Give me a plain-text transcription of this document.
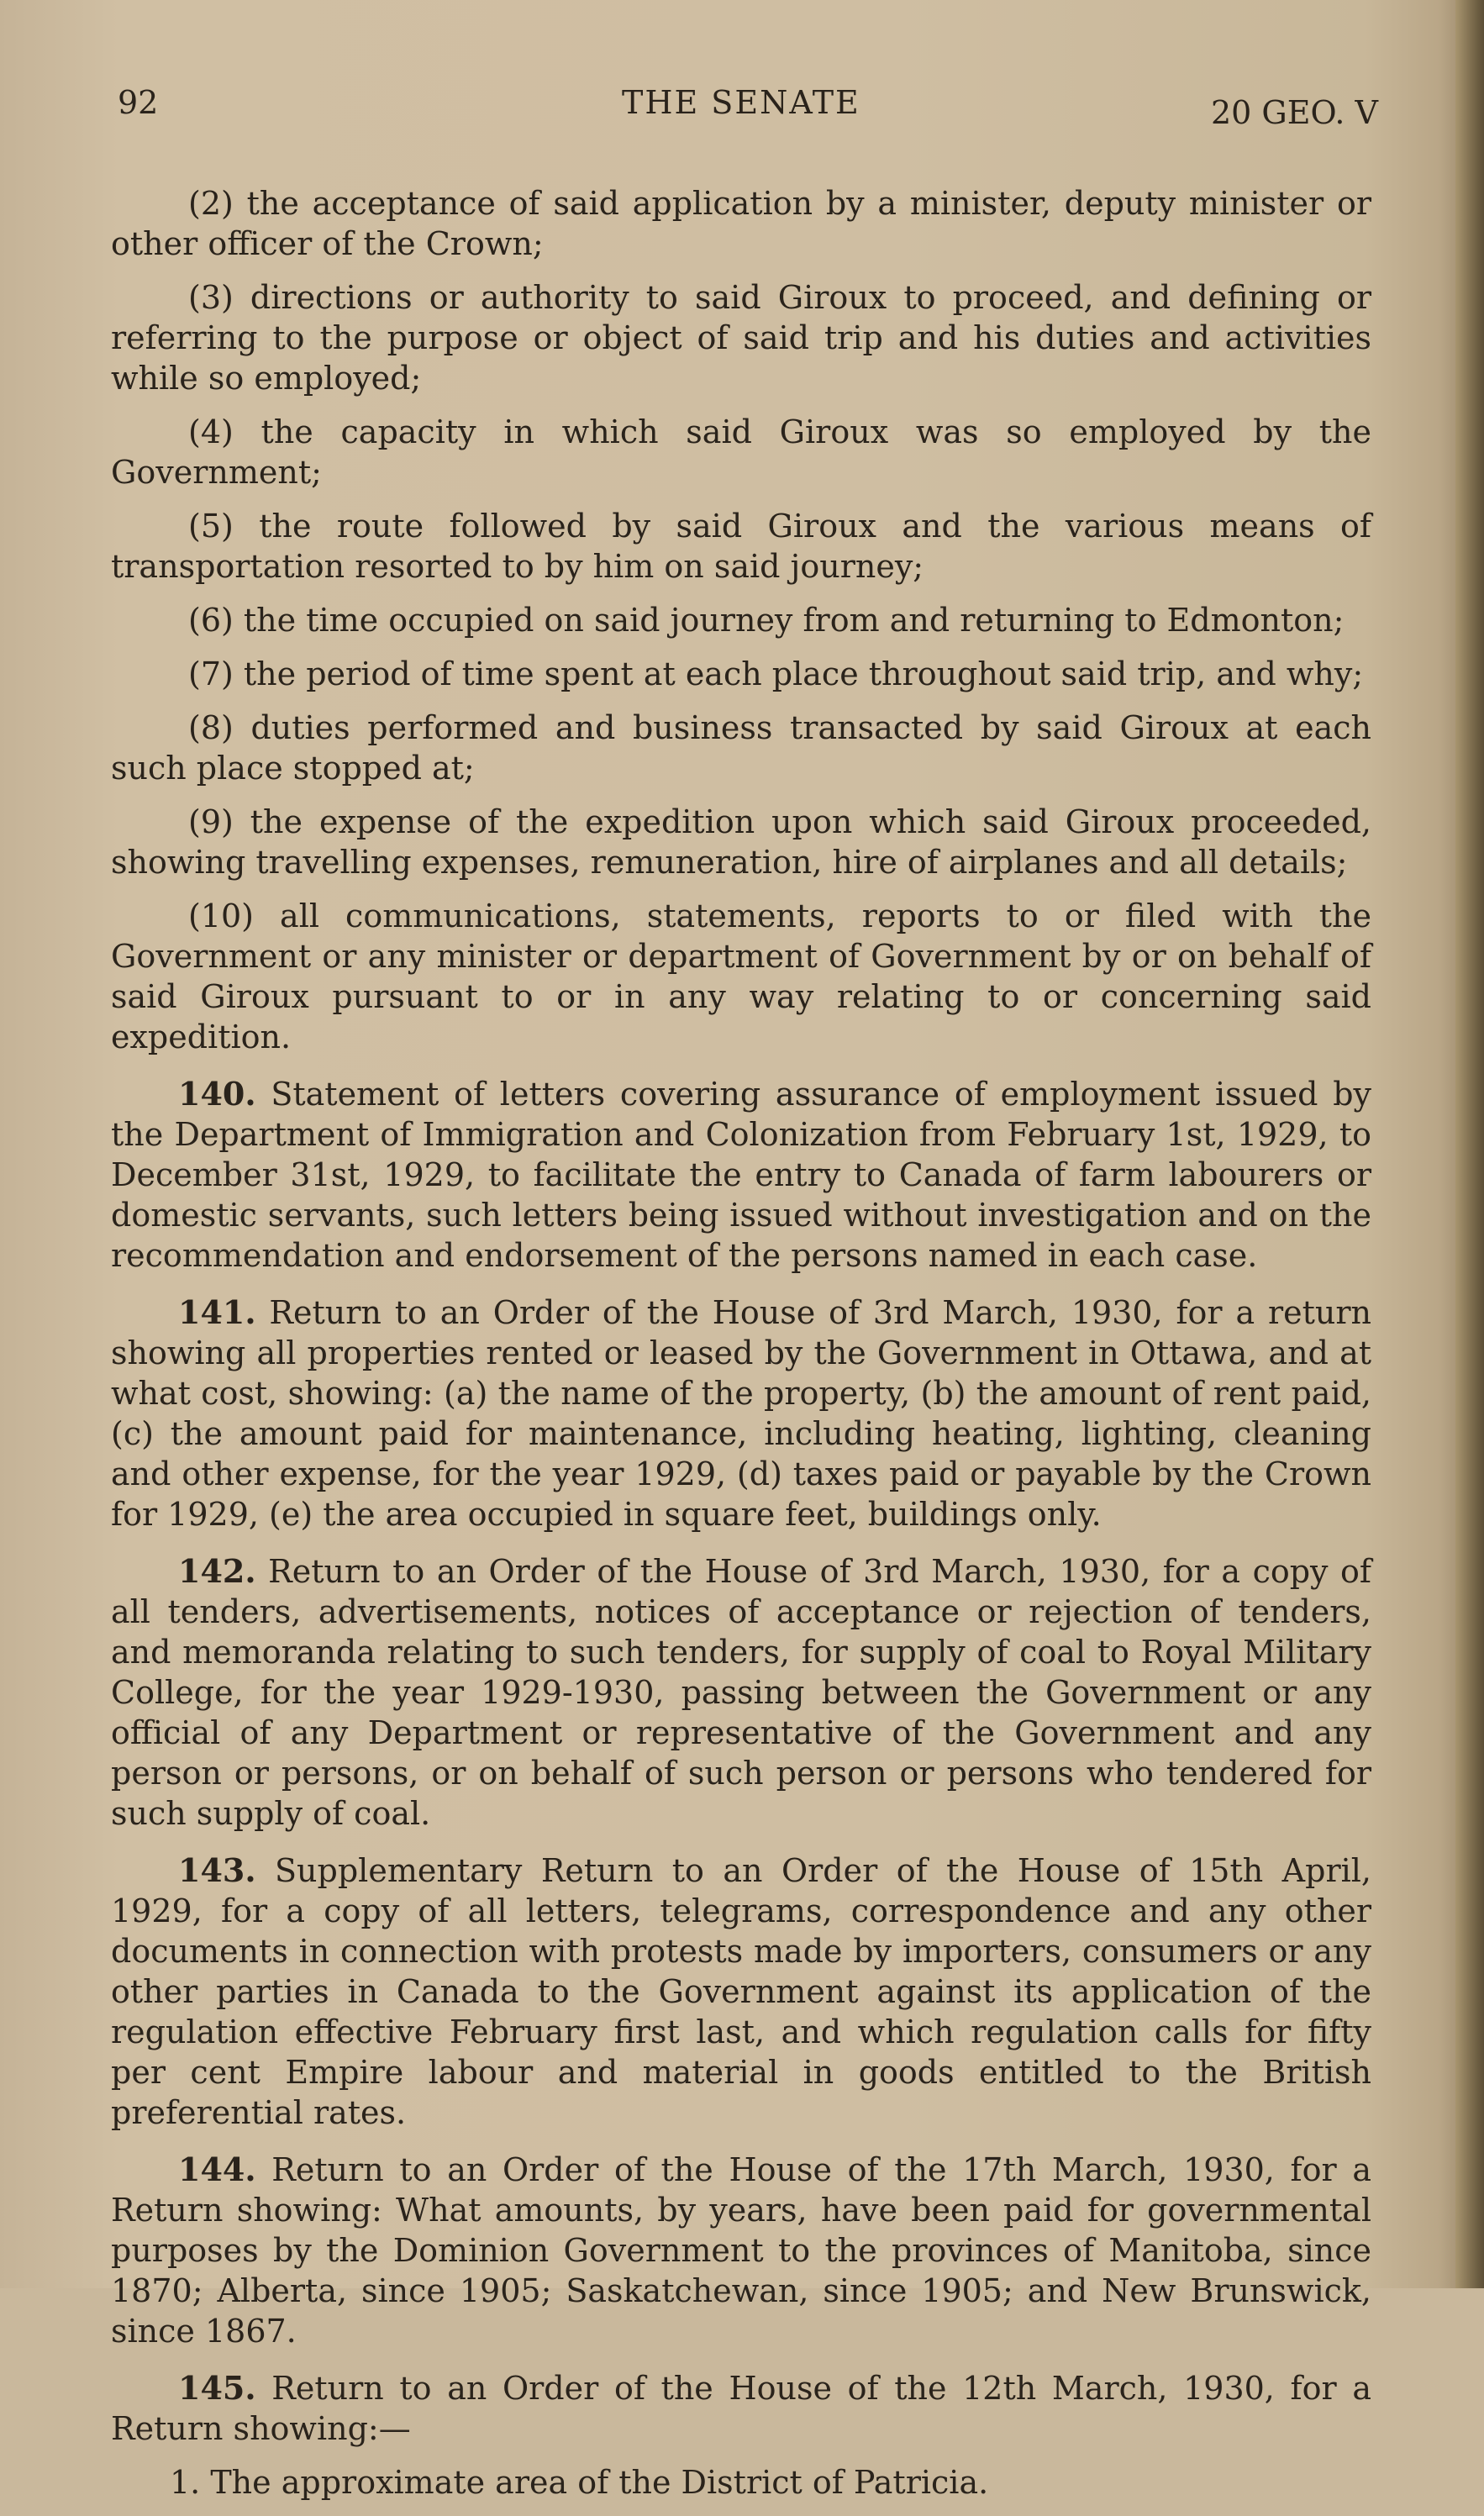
92	THE SENATE	20 GEO. V

(2) the acceptance of said application by a minister, deputy minister or other officer of the Crown;

(3) directions or authority to said Giroux to proceed, and defining or referring to the purpose or object of said trip and his duties and activities while so employed;

(4) the capacity in which said Giroux was so employed by the Government;

(5) the route followed by said Giroux and the various means of transportation resorted to by him on said journey;

(6) the time occupied on said journey from and returning to Edmonton;

(7) the period of time spent at each place throughout said trip, and why;

(8) duties performed and business transacted by said Giroux at each such place stopped at;

(9) the expense of the expedition upon which said Giroux proceeded, showing travelling expenses, remuneration, hire of airplanes and all details;

(10) all communications, statements, reports to or filed with the Government or any minister or department of Government by or on behalf of said Giroux pursuant to or in any way relating to or concerning said expedition.

140. Statement of letters covering assurance of employment issued by the Department of Immigration and Colonization from February 1st, 1929, to December 31st, 1929, to facilitate the entry to Canada of farm labourers or domestic servants, such letters being issued without investigation and on the recommendation and endorsement of the persons named in each case.

141. Return to an Order of the House of 3rd March, 1930, for a return showing all properties rented or leased by the Government in Ottawa, and at what cost, showing: (a) the name of the property, (b) the amount of rent paid, (c) the amount paid for maintenance, including heating, lighting, cleaning and other expense, for the year 1929, (d) taxes paid or payable by the Crown for 1929, (e) the area occupied in square feet, buildings only.

142. Return to an Order of the House of 3rd March, 1930, for a copy of all tenders, advertisements, notices of acceptance or rejection of tenders, and memoranda relating to such tenders, for supply of coal to Royal Military College, for the year 1929-1930, passing between the Government or any official of any Department or representative of the Government and any person or persons, or on behalf of such person or persons who tendered for such supply of coal.

143. Supplementary Return to an Order of the House of 15th April, 1929, for a copy of all letters, telegrams, correspondence and any other documents in connection with protests made by importers, consumers or any other parties in Canada to the Government against its application of the regulation effective February first last, and which regulation calls for fifty per cent Empire labour and material in goods entitled to the British preferential rates.

144. Return to an Order of the House of the 17th March, 1930, for a Return showing: What amounts, by years, have been paid for governmental purposes by the Dominion Government to the provinces of Manitoba, since 1870; Alberta, since 1905; Saskatchewan, since 1905; and New Brunswick, since 1867.

145. Return to an Order of the House of the 12th March, 1930, for a Return showing:—

1. The approximate area of the District of Patricia.
